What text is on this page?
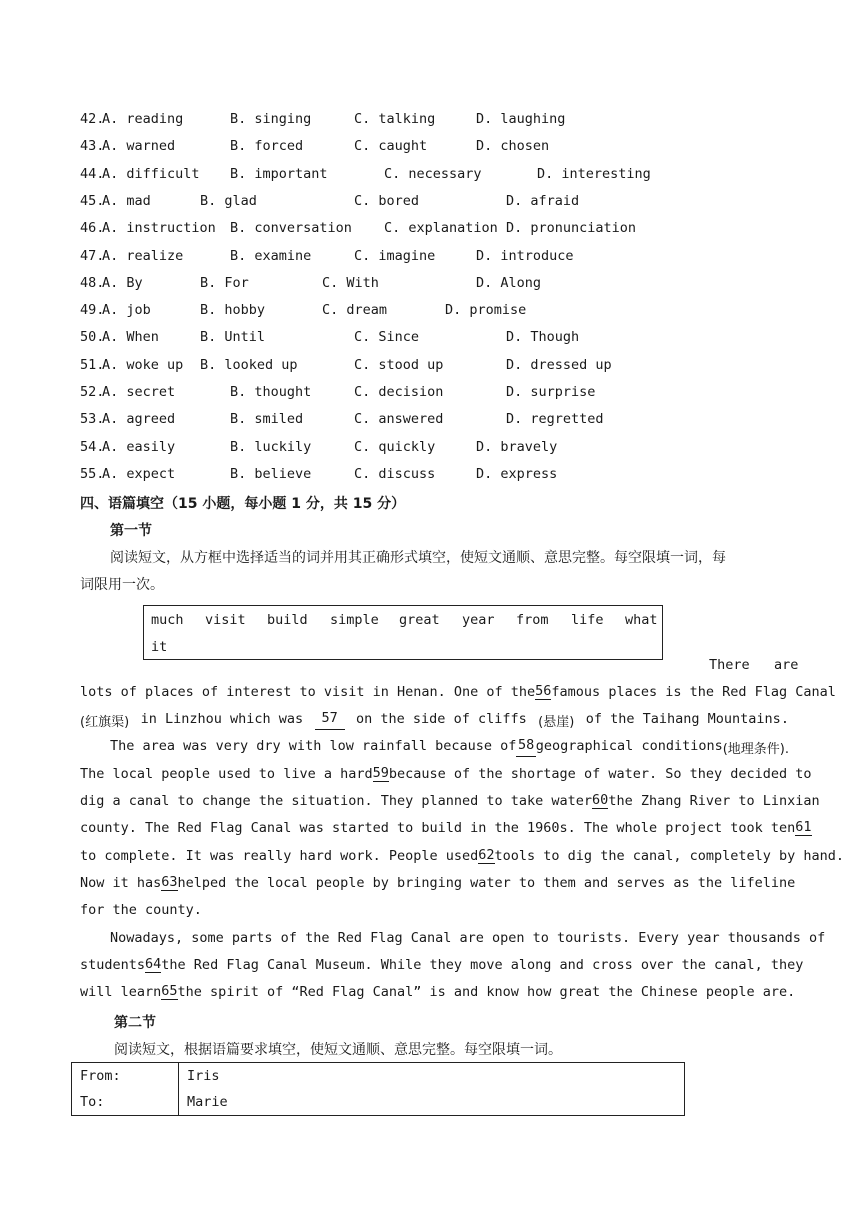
42.
A. reading	B. singing	C. talking	D. laughing
43.
A. warned	B. forced	C. caught	D. chosen
44.
A. difficult B. important	C. necessary	D. interesting
45.
A. mad	B. glad	C. bored	D. afraid
46.
A. instruction B. conversation C. explanation D. pronunciation
47.
A. realize	B. examine	C. imagine	D. introduce
48.
A. By	B. For	C. With	D. Along
49.
A. job	B. hobby	C. dream	D. promise
50.
A. When	B. Until	C. Since	D. Though
51.
A. woke up B. looked up	C. stood up	D. dressed up
52.
A. secret	B. thought	C. decision	D. surprise
53.
A. agreed	B. smiled	C. answered	D. regretted
54.
A. easily	B. luckily	C. quickly	D. bravely
55.
A. expect	B. believe	C. discuss	D. express
四、语篇填空（15 小题，每小题 1 分，共 15 分）
第一节
阅读短文，从方框中选择适当的词并用其正确形式填空，使短文通顺、意思完整。每空限填一词，每
词限用一次。
much visit build simple great year from life what
it
There   are
lots of places of interest to visit in Henan. One of the 56 famous places is the Red Flag Canal
(红旗渠) in Linzhou which was	57	on the side of cliffs (悬崖) of the Taihang Mountains.
The area was very dry with low rainfall because of 58 geographical conditions (地理条件).
The local people used to live a hard 59 because of the shortage of water. So they decided to
dig a canal to change the situation. They planned to take water 60 the Zhang River to Linxian
county. The Red Flag Canal was started to build in the 1960s. The whole project took ten 61
to complete. It was really hard work. People used 62 tools to dig the canal, completely by hand.
Now it has 63 helped the local people by bringing water to them and serves as the lifeline
for the county.
Nowadays, some parts of the Red Flag Canal are open to tourists. Every year thousands of
students 64 the Red Flag Canal Museum. While they move along and cross over the canal, they
will learn 65 the spirit of “Red Flag Canal” is and know how great the Chinese people are.
第二节
阅读短文，根据语篇要求填空，使短文通顺、意思完整。每空限填一词。
From:	Iris
To:	Marie
